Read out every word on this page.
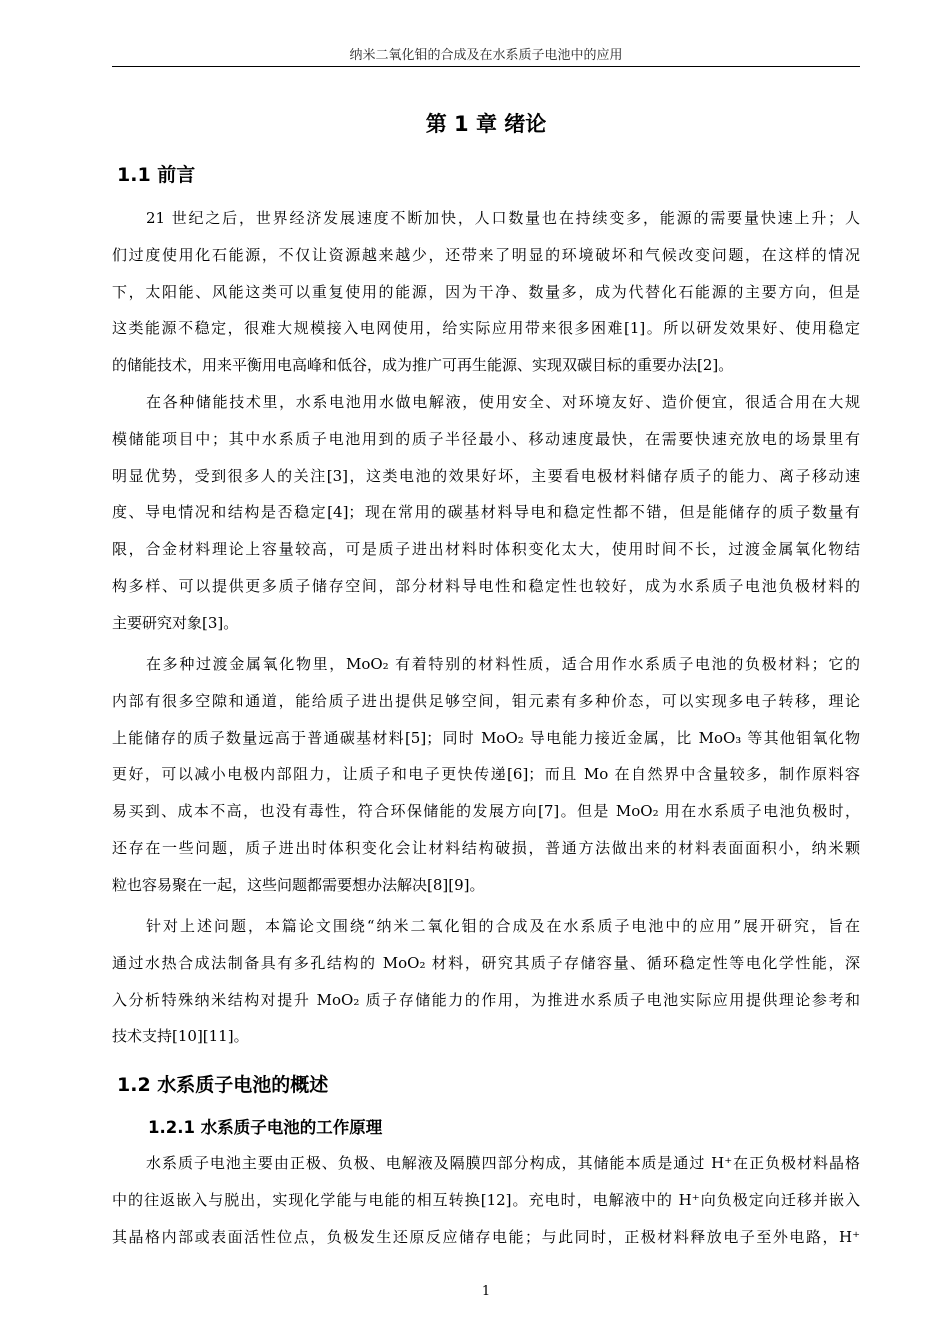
纳米二氧化钼的合成及在水系质子电池中的应用
第 1 章 绪论
1.1 前言
21 世纪之后，世界经济发展速度不断加快，人口数量也在持续变多，能源的需要量快速上升；人
们过度使用化石能源，不仅让资源越来越少，还带来了明显的环境破坏和气候改变问题，在这样的情况
下，太阳能、风能这类可以重复使用的能源，因为干净、数量多，成为代替化石能源的主要方向，但是
这类能源不稳定，很难大规模接入电网使用，给实际应用带来很多困难[1]。所以研发效果好、使用稳定
的储能技术，用来平衡用电高峰和低谷，成为推广可再生能源、实现双碳目标的重要办法[2]。
在各种储能技术里，水系电池用水做电解液，使用安全、对环境友好、造价便宜，很适合用在大规
模储能项目中；其中水系质子电池用到的质子半径最小、移动速度最快，在需要快速充放电的场景里有
明显优势，受到很多人的关注[3]，这类电池的效果好坏，主要看电极材料储存质子的能力、离子移动速
度、导电情况和结构是否稳定[4]；现在常用的碳基材料导电和稳定性都不错，但是能储存的质子数量有
限，合金材料理论上容量较高，可是质子进出材料时体积变化太大，使用时间不长，过渡金属氧化物结
构多样、可以提供更多质子储存空间，部分材料导电性和稳定性也较好，成为水系质子电池负极材料的
主要研究对象[3]。
在多种过渡金属氧化物里，MoO₂ 有着特别的材料性质，适合用作水系质子电池的负极材料；它的
内部有很多空隙和通道，能给质子进出提供足够空间，钼元素有多种价态，可以实现多电子转移，理论
上能储存的质子数量远高于普通碳基材料[5]；同时 MoO₂ 导电能力接近金属，比 MoO₃ 等其他钼氧化物
更好，可以减小电极内部阻力，让质子和电子更快传递[6]；而且 Mo 在自然界中含量较多，制作原料容
易买到、成本不高，也没有毒性，符合环保储能的发展方向[7]。但是 MoO₂ 用在水系质子电池负极时，
还存在一些问题，质子进出时体积变化会让材料结构破损，普通方法做出来的材料表面面积小，纳米颗
粒也容易聚在一起，这些问题都需要想办法解决[8][9]。
针对上述问题，本篇论文围绕“纳米二氧化钼的合成及在水系质子电池中的应用”展开研究，旨在
通过水热合成法制备具有多孔结构的 MoO₂ 材料，研究其质子存储容量、循环稳定性等电化学性能，深
入分析特殊纳米结构对提升 MoO₂ 质子存储能力的作用，为推进水系质子电池实际应用提供理论参考和
技术支持[10][11]。
1.2 水系质子电池的概述
1.2.1 水系质子电池的工作原理
水系质子电池主要由正极、负极、电解液及隔膜四部分构成，其储能本质是通过 H⁺在正负极材料晶格
中的往返嵌入与脱出，实现化学能与电能的相互转换[12]。充电时，电解液中的 H⁺向负极定向迁移并嵌入
其晶格内部或表面活性位点，负极发生还原反应储存电能；与此同时，正极材料释放电子至外电路，H⁺
1
